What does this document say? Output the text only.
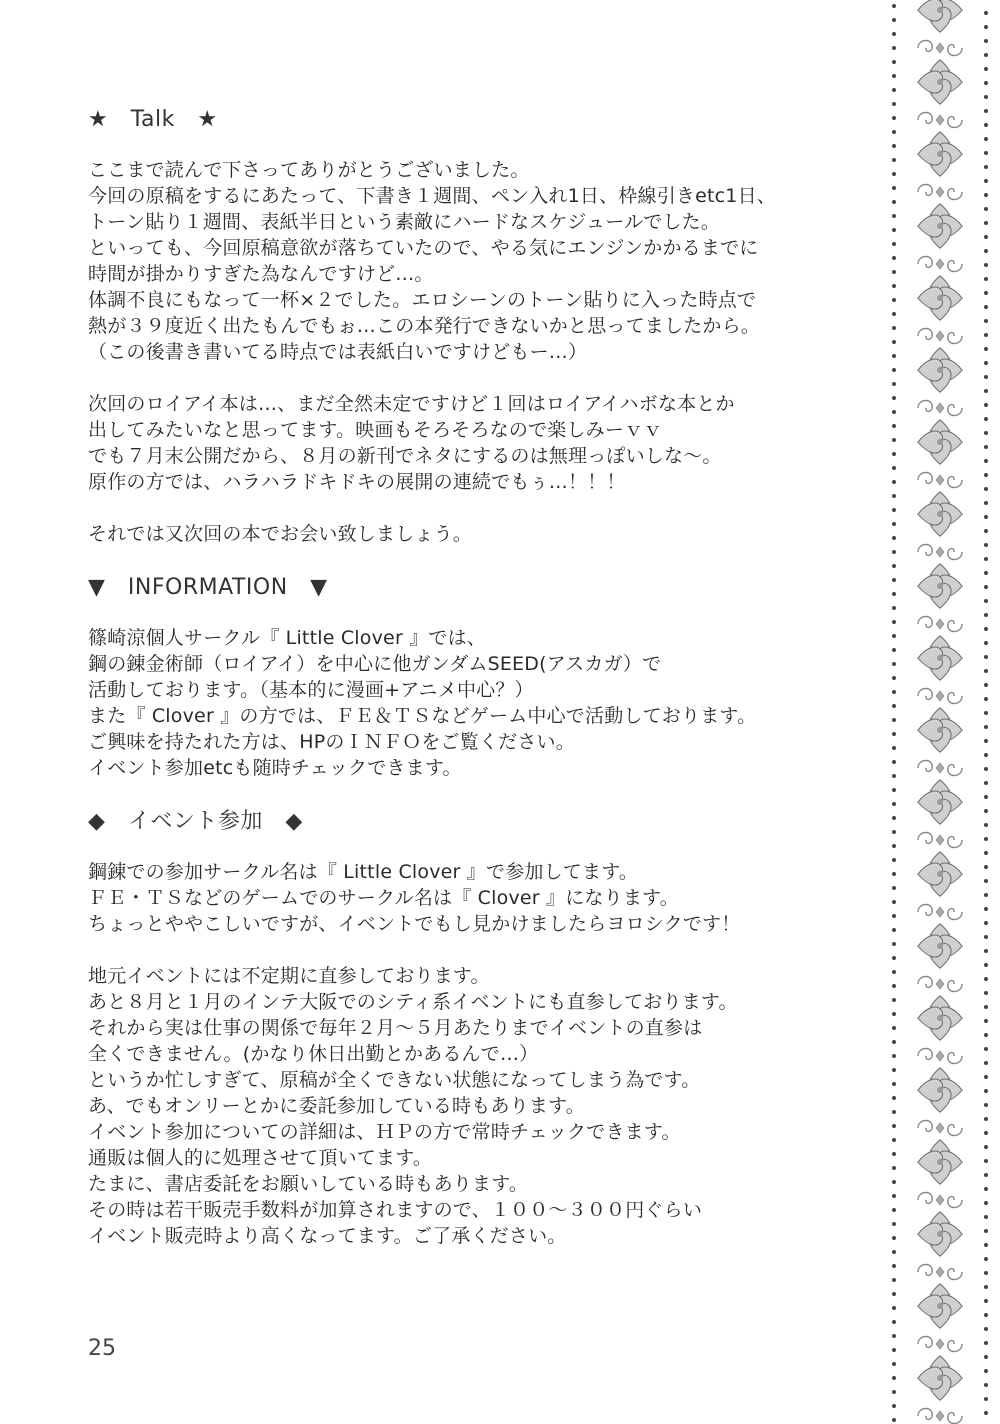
★　Talk　★
ここまで読んで下さってありがとうございました。
今回の原稿をするにあたって、下書き１週間、ペン入れ1日、枠線引きetc1日、
トーン貼り１週間、表紙半日という素敵にハードなスケジュールでした。
といっても、今回原稿意欲が落ちていたので、やる気にエンジンかかるまでに
時間が掛かりすぎた為なんですけど…。
体調不良にもなって一杯×２でした。エロシーンのトーン貼りに入った時点で
熱が３９度近く出たもんでもぉ…この本発行できないかと思ってましたから。
（この後書き書いてる時点では表紙白いですけどもー…）
次回のロイアイ本は…、まだ全然未定ですけど１回はロイアイハボな本とか
出してみたいなと思ってます。映画もそろそろなので楽しみーｖｖ
でも７月末公開だから、８月の新刊でネタにするのは無理っぽいしな～。
原作の方では、ハラハラドキドキの展開の連続でもぅ…！！！
それでは又次回の本でお会い致しましょう。
▼　INFORMATION　▼
篠崎涼個人サークル『 Little Clover 』では、
鋼の錬金術師（ロイアイ）を中心に他ガンダムSEED(アスカガ）で
活動しております。（基本的に漫画+アニメ中心？）
また『 Clover 』の方では、ＦＥ＆ＴＳなどゲーム中心で活動しております。
ご興味を持たれた方は、HPのＩＮＦＯをご覧ください。
イベント参加etcも随時チェックできます。
◆　イベント参加　◆
鋼錬での参加サークル名は『 Little Clover 』で参加してます。
ＦＥ・ＴＳなどのゲームでのサークル名は『 Clover 』になります。
ちょっとややこしいですが、イベントでもし見かけましたらヨロシクです！
地元イベントには不定期に直参しております。
あと８月と１月のインテ大阪でのシティ系イベントにも直参しております。
それから実は仕事の関係で毎年２月～５月あたりまでイベントの直参は
全くできません。(かなり休日出勤とかあるんで…）
というか忙しすぎて、原稿が全くできない状態になってしまう為です。
あ、でもオンリーとかに委託参加している時もあります。
イベント参加についての詳細は、ＨＰの方で常時チェックできます。
通販は個人的に処理させて頂いてます。
たまに、書店委託をお願いしている時もあります。
その時は若干販売手数料が加算されますので、１００～３００円ぐらい
イベント販売時より高くなってます。ご了承ください。
25
